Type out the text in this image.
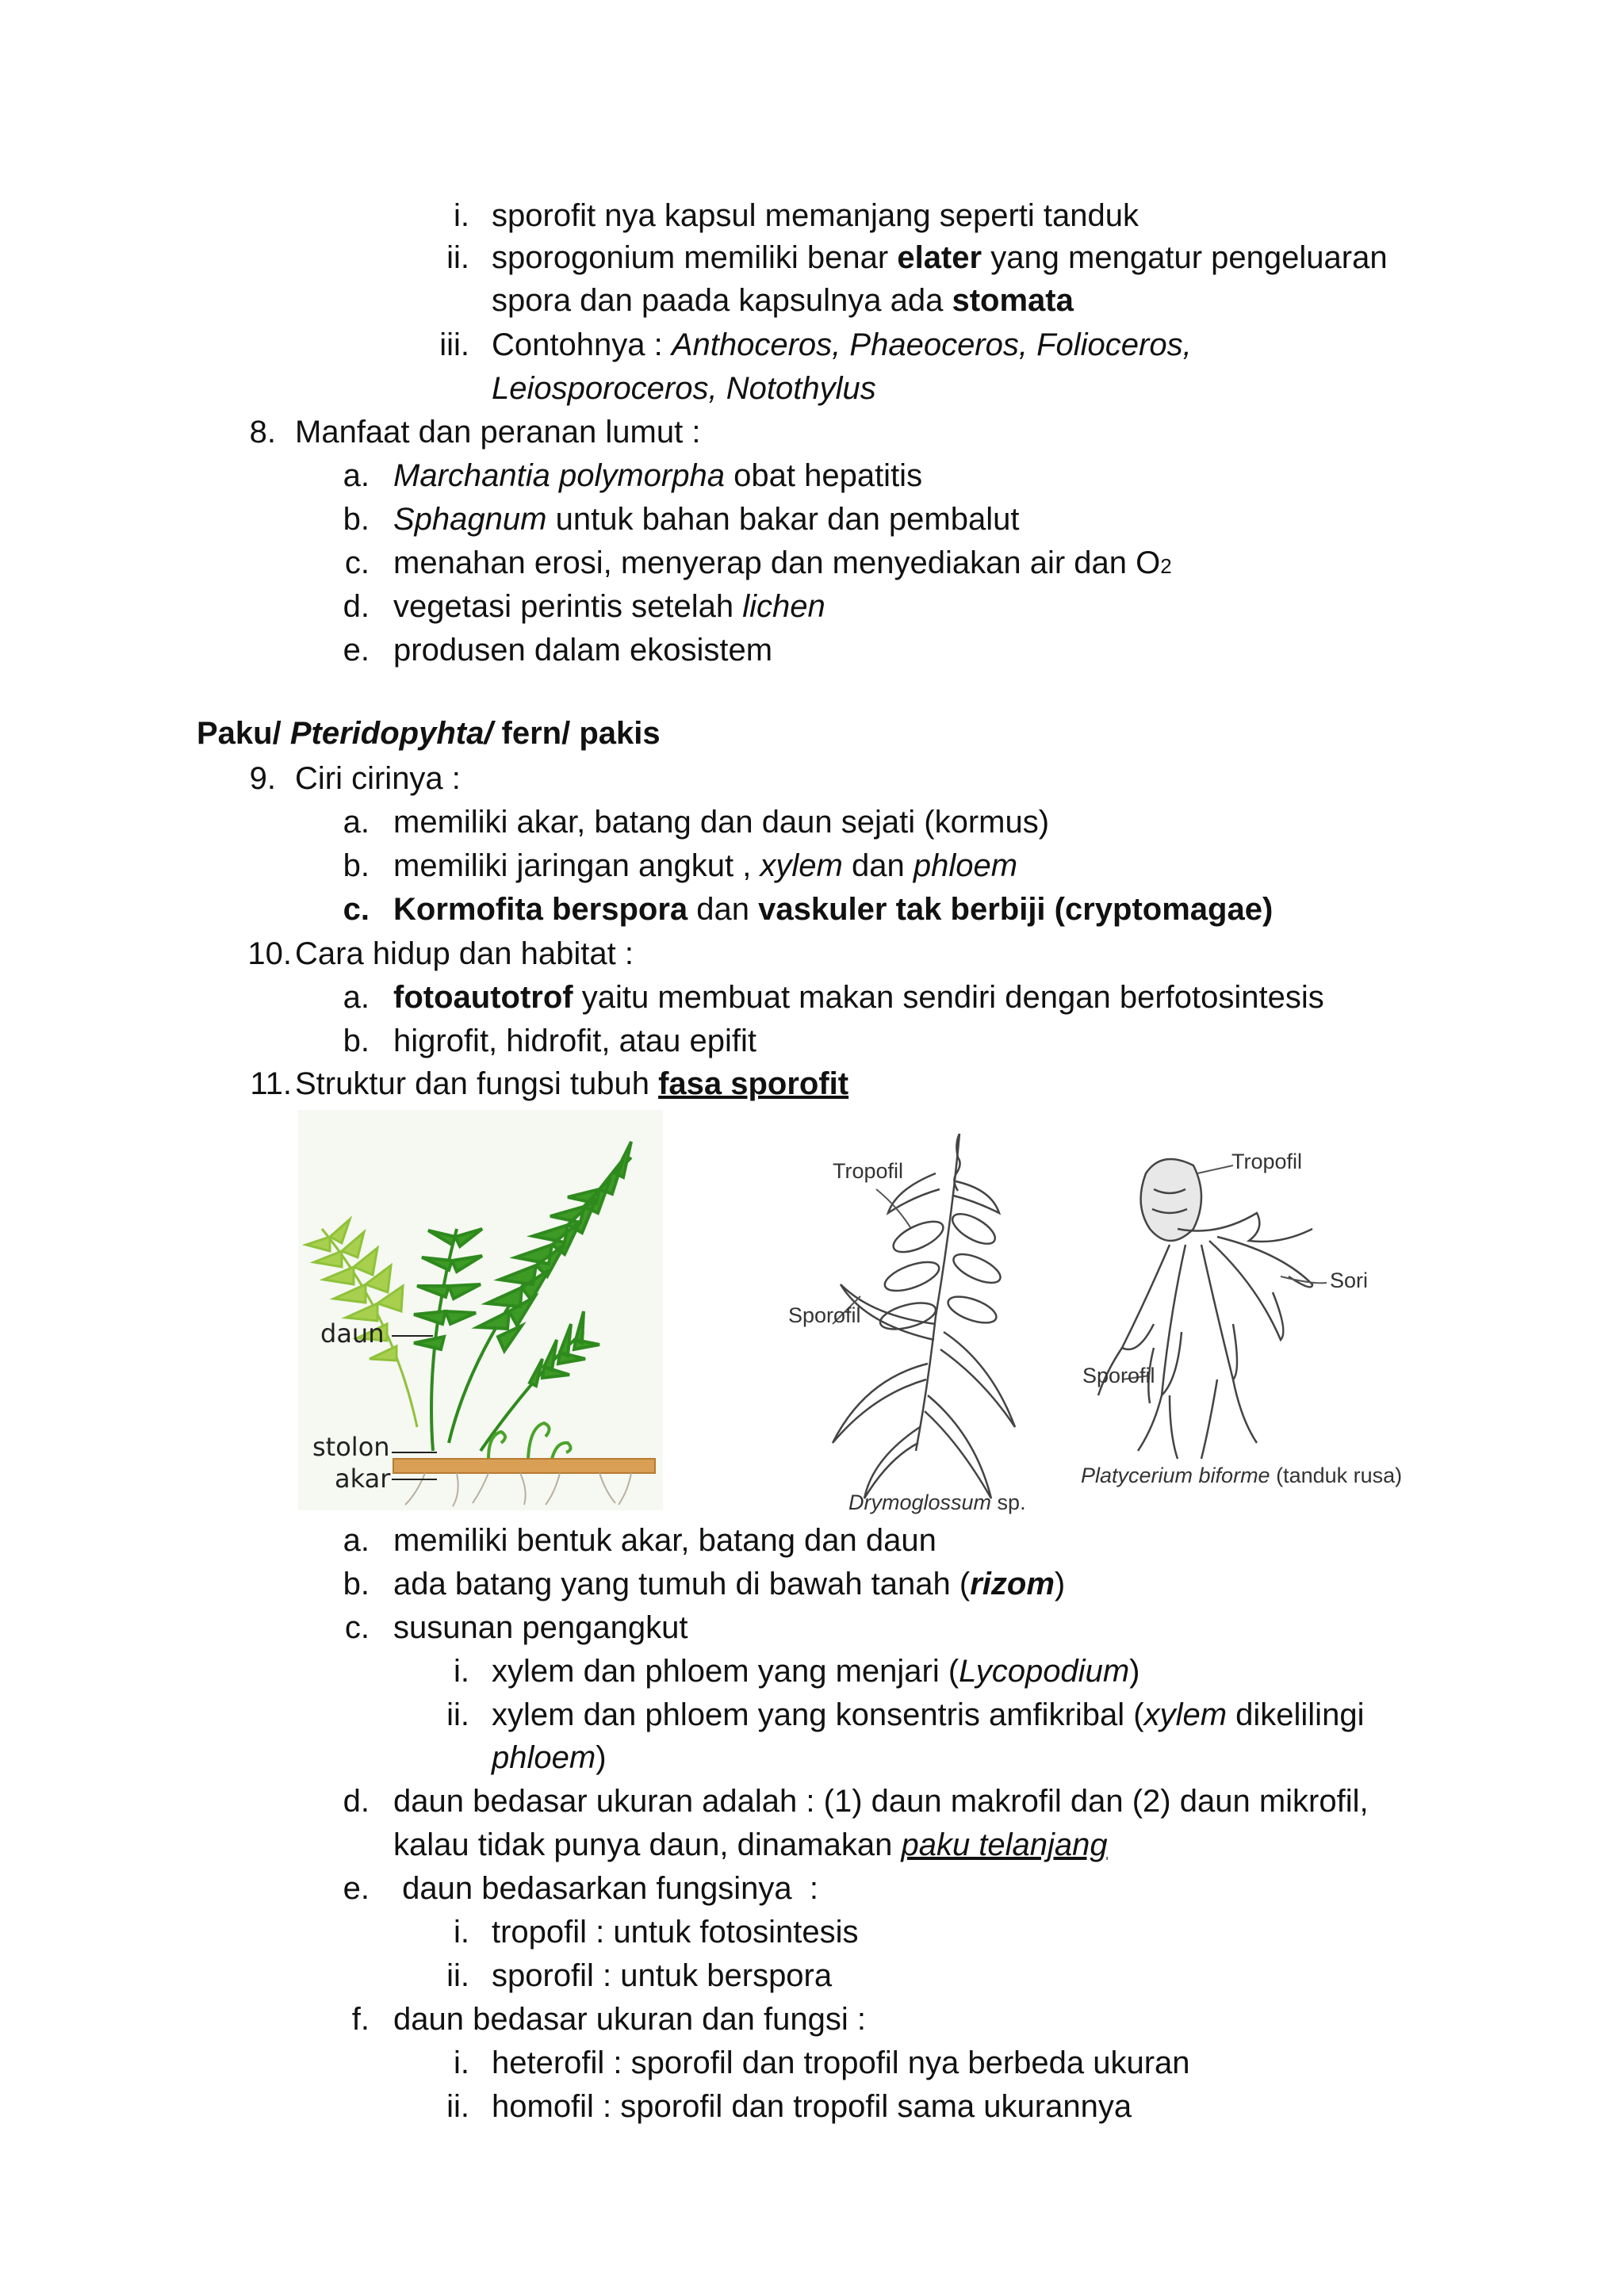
i. sporofit nya kapsul memanjang seperti tanduk
ii. sporogonium memiliki benar elater yang mengatur pengeluaran
spora dan paada kapsulnya ada stomata
iii. Contohnya : Anthoceros, Phaeoceros, Folioceros,
Leiosporoceros, Notothylus
8. Manfaat dan peranan lumut :
a. Marchantia polymorpha obat hepatitis
b. Sphagnum untuk bahan bakar dan pembalut
c. menahan erosi, menyerap dan menyediakan air dan O2
d. vegetasi perintis setelah lichen
e. produsen dalam ekosistem
Paku/ Pteridopyhta/ fern/ pakis
9. Ciri cirinya :
a. memiliki akar, batang dan daun sejati (kormus)
b. memiliki jaringan angkut , xylem dan phloem
c. Kormofita berspora dan vaskuler tak berbiji (cryptomagae)
10. Cara hidup dan habitat :
a. fotoautotrof yaitu membuat makan sendiri dengan berfotosintesis
b. higrofit, hidrofit, atau epifit
11. Struktur dan fungsi tubuh fasa sporofit
daun
stolon
akar
Tropofil
Sporofil
Drymoglossum sp.
Tropofil
Sori
Sporofil
Platycerium biforme (tanduk rusa)
a. memiliki bentuk akar, batang dan daun
b. ada batang yang tumuh di bawah tanah (rizom)
c. susunan pengangkut
i. xylem dan phloem yang menjari (Lycopodium)
ii. xylem dan phloem yang konsentris amfikribal (xylem dikelilingi
phloem)
d. daun bedasar ukuran adalah : (1) daun makrofil dan (2) daun mikrofil,
kalau tidak punya daun, dinamakan paku telanjang
e. daun bedasarkan fungsinya  :
i. tropofil : untuk fotosintesis
ii. sporofil : untuk berspora
f. daun bedasar ukuran dan fungsi :
i. heterofil : sporofil dan tropofil nya berbeda ukuran
ii. homofil : sporofil dan tropofil sama ukurannya
